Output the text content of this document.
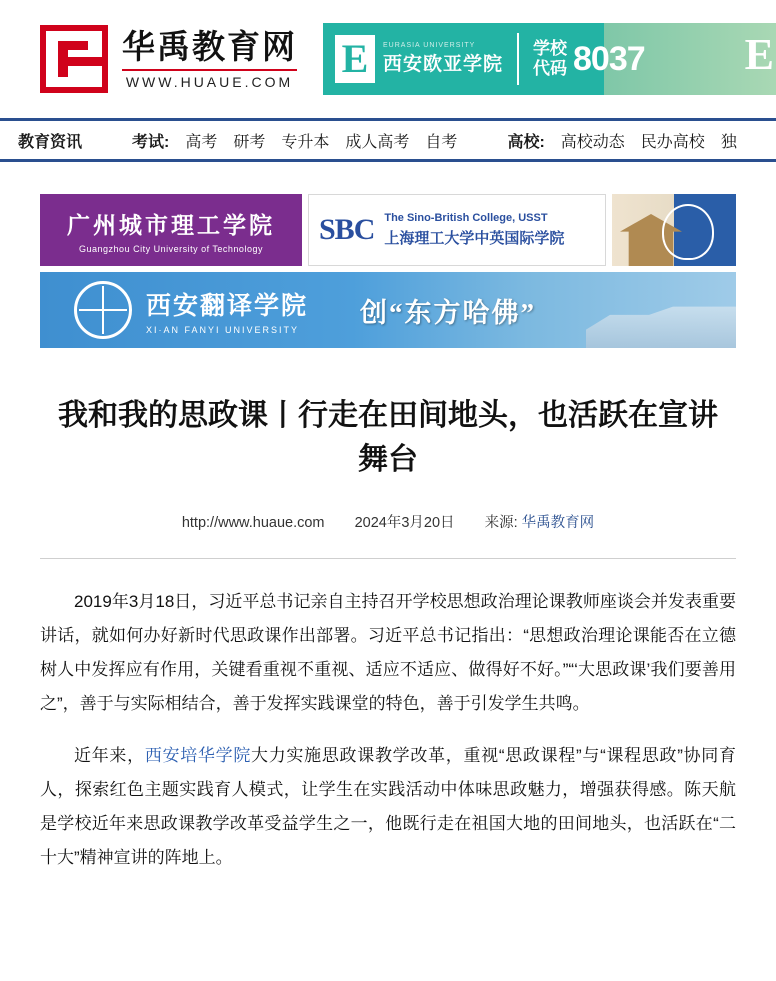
华禹教育网
WWW.HUAUE.COM
E	EURASIA UNIVERSITY
西安欧亚学院
学校
代码 8037 E
教育资讯	考试: 高考 研考 专升本 成人高考 自考	高校: 高校动态 民办高校 独
广州城市理工学院
Guangzhou City University of Technology
SBC The Sino-British College, USST
上海理工大学中英国际学院
西安翻译学院
XI·AN FANYI UNIVERSITY
创“东方哈佛”
我和我的思政课丨行走在田间地头，也活跃在宣讲舞台
http://www.huaue.com 2024年3月20日 来源: 华禹教育网

2019年3月18日，习近平总书记亲自主持召开学校思想政治理论课教师座谈会并发表重要讲话，就如何办好新时代思政课作出部署。习近平总书记指出：“思想政治理论课能否在立德树人中发挥应有作用，关键看重视不重视、适应不适应、做得好不好。”“‘大思政课’我们要善用之”，善于与实际相结合，善于发挥实践课堂的特色，善于引发学生共鸣。

近年来，西安培华学院大力实施思政课教学改革，重视“思政课程”与“课程思政”协同育人，探索红色主题实践育人模式，让学生在实践活动中体味思政魅力，增强获得感。陈天航是学校近年来思政课教学改革受益学生之一，他既行走在祖国大地的田间地头，也活跃在“二十大”精神宣讲的阵地上。
